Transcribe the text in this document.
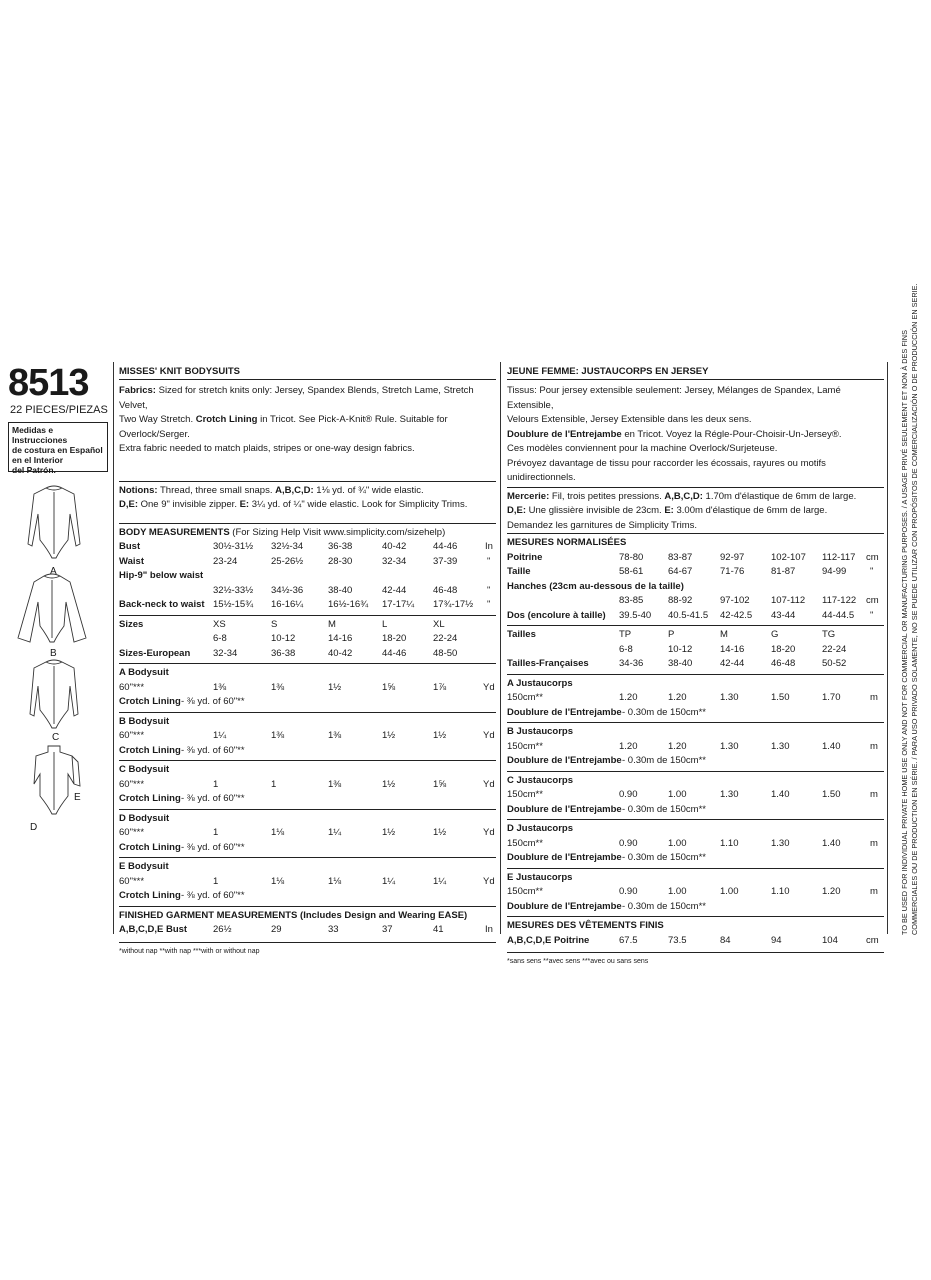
8513
22 PIECES/PIEZAS
Medidas e Instrucciones
de costura en Español
en el Interior
del Patrón.
A
B
C
E
D
MISSES' KNIT BODYSUITS
Fabrics: Sized for stretch knits only: Jersey, Spandex Blends, Stretch Lame, Stretch Velvet,
Two Way Stretch. Crotch Lining in Tricot. See Pick-A-Knit® Rule. Suitable for Overlock/Serger.
Extra fabric needed to match plaids, stripes or one-way design fabrics.
Notions: Thread, three small snaps. A,B,C,D: 1⅛ yd. of ¾" wide elastic.
D,E: One 9" invisible zipper. E: 3¼ yd. of ¼" wide elastic. Look for Simplicity Trims.
BODY MEASUREMENTS (For Sizing Help Visit www.simplicity.com/sizehelp)
Bust	30½-31½ 32½-34	36-38	40-42	44-46	In
Waist	23-24	25-26½	28-30	32-34	37-39	"
Hip-9" below waist
32½-33½ 34½-36	38-40	42-44	46-48	"
Back-neck to waist 15½-15¾ 16-16¼	16½-16¾ 17-17¼ 17¾-17½ "
Sizes	XS	S	M	L	XL
6-8	10-12	14-16	18-20	22-24
Sizes-European 32-34	36-38	40-42	44-46	48-50
A Bodysuit
60"***	1⅜	1⅜	1½	1⅝	1⅞	Yd
Crotch Lining - ⅜ yd. of 60"**
B Bodysuit
60"***	1¼	1⅜	1⅜	1½	1½	Yd
Crotch Lining - ⅜ yd. of 60"**
C Bodysuit
60"***	1	1	1⅜	1½	1⅝	Yd
Crotch Lining - ⅜ yd. of 60"**
D Bodysuit
60"***	1	1⅛	1¼	1½	1½	Yd
Crotch Lining - ⅜ yd. of 60"**
E Bodysuit
60"***	1	1⅛	1⅛	1¼	1¼	Yd
Crotch Lining - ⅜ yd. of 60"**
FINISHED GARMENT MEASUREMENTS (Includes Design and Wearing EASE)
A,B,C,D,E Bust	26½	29	33	37	41	In
*without nap **with nap ***with or without nap
JEUNE FEMME: JUSTAUCORPS EN JERSEY
Tissus: Pour jersey extensible seulement: Jersey, Mélanges de Spandex, Lamé Extensible,
Velours Extensible, Jersey Extensible dans les deux sens.
Doublure de l'Entrejambe en Tricot. Voyez la Régle-Pour-Choisir-Un-Jersey®.
Ces modèles conviennent pour la machine Overlock/Surjeteuse.
Prévoyez davantage de tissu pour raccorder les écossais, rayures ou motifs unidirectionnels.
Mercerie: Fil, trois petites pressions. A,B,C,D: 1.70m d'élastique de 6mm de large.
D,E: Une glissière invisible de 23cm. E: 3.00m d'élastique de 6mm de large.
Demandez les garnitures de Simplicity Trims.
MESURES NORMALISÉES
Poitrine	78-80	83-87	92-97	102-107 112-117 cm
Taille	58-61	64-67	71-76	81-87	94-99 "
Hanches (23cm au-dessous de la taille)
83-85	88-92	97-102 107-112 117-122 cm
Dos (encolure à taille) 39.5-40 40.5-41.5 42-42.5 43-44	44-44.5 "
Tailles	TP	P	M	G	TG
6-8	10-12	14-16	18-20	22-24
Tailles-Françaises	34-36	38-40	42-44	46-48	50-52
A Justaucorps
150cm**	1.20	1.20	1.30	1.50	1.70	m
Doublure de l'Entrejambe - 0.30m de 150cm**
B Justaucorps
150cm**	1.20	1.20	1.30	1.30	1.40	m
Doublure de l'Entrejambe - 0.30m de 150cm**
C Justaucorps
150cm**	0.90	1.00	1.30	1.40	1.50	m
Doublure de l'Entrejambe - 0.30m de 150cm**
D Justaucorps
150cm**	0.90	1.00	1.10	1.30	1.40	m
Doublure de l'Entrejambe - 0.30m de 150cm**
E Justaucorps
150cm**	0.90	1.00	1.00	1.10	1.20	m
Doublure de l'Entrejambe - 0.30m de 150cm**
MESURES DES VÊTEMENTS FINIS
A,B,C,D,E Poitrine	67.5	73.5	84	94	104	cm
*sans sens **avec sens ***avec ou sans sens
TO BE USED FOR INDIVIDUAL PRIVATE HOME USE ONLY AND NOT FOR COMMERCIAL OR MANUFACTURING PURPOSES. / A USAGE PRIVÉ SEULEMENT ET NON À DES FINS COMMERCIALES OU DE PRODUCTION EN SÉRIE. / PARA USO PRIVADO SOLAMENTE, NO SE PUEDE UTILIZAR CON PROPÓSITOS DE COMERCIALIZACIÓN O DE PRODUCCIÓN EN SERIE.
